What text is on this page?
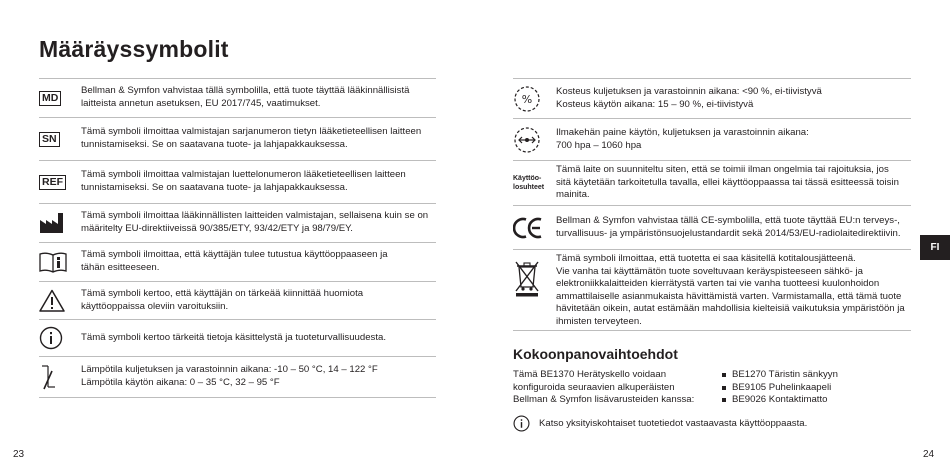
Määräyssymbolit
MD

Bellman & Symfon vahvistaa tällä symbolilla, että tuote täyttää lääkinnällisistä

laitteista annetun asetuksen, EU 2017/745, vaatimukset.

SN

Tämä symboli ilmoittaa valmistajan sarjanumeron tietyn lääketieteellisen laitteen

tunnistamiseksi. Se on saatavana tuote- ja lahjapakkauksessa.

REF

Tämä symboli ilmoittaa valmistajan luettelonumeron lääketieteellisen laitteen

tunnistamiseksi. Se on saatavana tuote- ja lahjapakkauksessa.

Tämä symboli ilmoittaa lääkinnällisten laitteiden valmistajan, sellaisena kuin se on

määritelty EU-direktiiveissä 90/385/ETY, 93/42/ETY ja 98/79/EY.

Tämä symboli ilmoittaa, että käyttäjän tulee tutustua käyttöoppaaseen ja

tähän esitteeseen.

Tämä symboli kertoo, että käyttäjän on tärkeää kiinnittää huomiota

käyttöoppaissa oleviin varoituksiin.

Tämä symboli kertoo tärkeitä tietoja käsittelystä ja tuoteturvallisuudesta.

Lämpötila kuljetuksen ja varastoinnin aikana: -10 – 50 °C, 14 – 122 °F

Lämpötila käytön aikana: 0 – 35 °C, 32 – 95 °F

%

Kosteus kuljetuksen ja varastoinnin aikana: <90 %, ei-tiivistyvä

Kosteus käytön aikana: 15 – 90 %, ei-tiivistyvä

Ilmakehän paine käytön, kuljetuksen ja varastoinnin aikana:

700 hpa – 1060 hpa

Käyttöo-
losuhteet

Tämä laite on suunniteltu siten, että se toimii ilman ongelmia tai rajoituksia, jos

sitä käytetään tarkoitetulla tavalla, ellei käyttöoppaassa tai tässä esitteessä toisin

mainita.

Bellman & Symfon vahvistaa tällä CE-symbolilla, että tuote täyttää EU:n terveys-,

turvallisuus- ja ympäristönsuojelustandardit sekä 2014/53/EU-radiolaitedirektiivin.

Tämä symboli ilmoittaa, että tuotetta ei saa käsitellä kotitalousjätteenä.

Vie vanha tai käyttämätön tuote soveltuvaan keräyspisteeseen sähkö- ja

elektroniikkalaitteiden kierrätystä varten tai vie vanha tuotteesi kuulonhoidon

ammattilaiselle asianmukaista hävittämistä varten. Varmistamalla, että tämä tuote

hävitetään oikein, autat estämään mahdollisia kielteisiä vaikutuksia ympäristöön ja

ihmisten terveyteen.

Kokoonpanovaihtoehdot

Tämä BE1370 Herätyskello voidaan

konfiguroida seuraavien alkuperäisten

Bellman & Symfon lisävarusteiden kanssa:

BE1270 Täristin sänkyyn
BE9105 Puhelinkaapeli
BE9026 Kontaktimatto
Katso yksityiskohtaiset tuotetiedot vastaavasta käyttöoppaasta.
23	24
FI
